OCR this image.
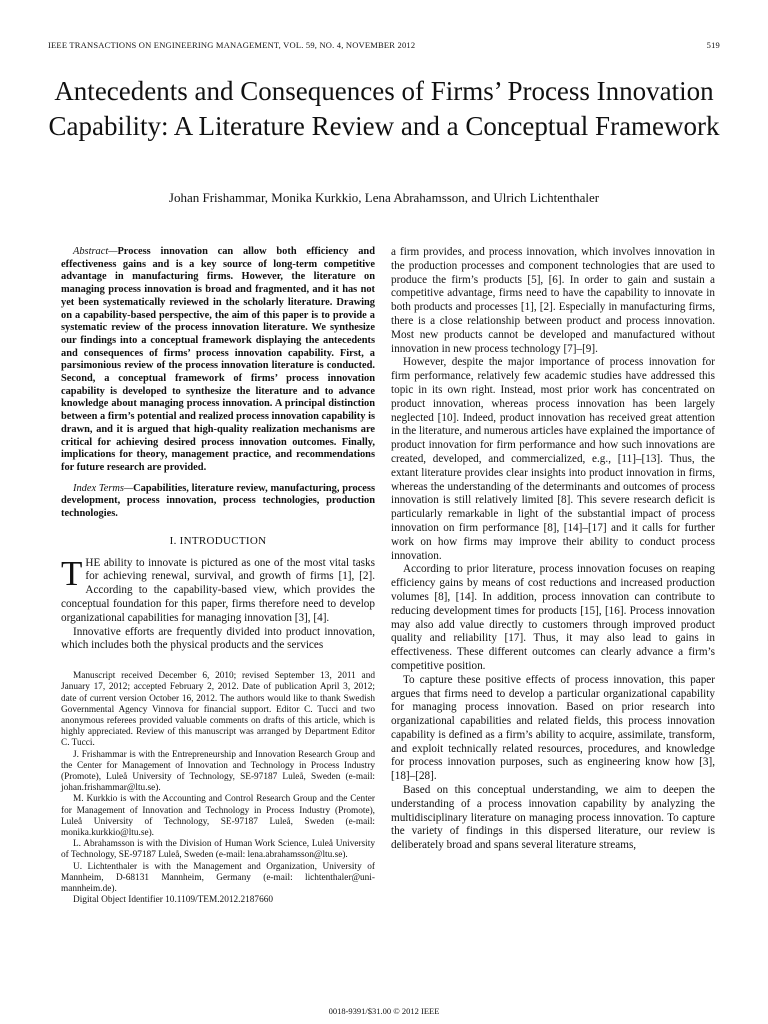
IEEE TRANSACTIONS ON ENGINEERING MANAGEMENT, VOL. 59, NO. 4, NOVEMBER 2012	519
Antecedents and Consequences of Firms’ Process Innovation Capability: A Literature Review and a Conceptual Framework
Johan Frishammar, Monika Kurkkio, Lena Abrahamsson, and Ulrich Lichtenthaler

Abstract—Process innovation can allow both efficiency and effectiveness gains and is a key source of long-term competitive advantage in manufacturing firms. However, the literature on managing process innovation is broad and fragmented, and it has not yet been systematically reviewed in the scholarly literature. Drawing on a capability-based perspective, the aim of this paper is to provide a systematic review of the process innovation literature. We synthesize our findings into a conceptual framework displaying the antecedents and consequences of firms’ process innovation capability. First, a parsimonious review of the process innovation literature is conducted. Second, a conceptual framework of firms’ process innovation capability is developed to synthesize the literature and to advance knowledge about managing process innovation. A principal distinction between a firm’s potential and realized process innovation capability is drawn, and it is argued that high-quality realization mechanisms are critical for achieving desired process innovation outcomes. Finally, implications for theory, management practice, and recommendations for future research are provided.

Index Terms—Capabilities, literature review, manufacturing, process development, process innovation, process technologies, production technologies.

I. INTRODUCTION

THE ability to innovate is pictured as one of the most vital tasks for achieving renewal, survival, and growth of firms [1], [2]. According to the capability-based view, which provides the conceptual foundation for this paper, firms therefore need to develop organizational capabilities for managing innovation [3], [4].

Innovative efforts are frequently divided into product innovation, which includes both the physical products and the services

Manuscript received December 6, 2010; revised September 13, 2011 and January 17, 2012; accepted February 2, 2012. Date of publication April 3, 2012; date of current version October 16, 2012. The authors would like to thank Swedish Governmental Agency Vinnova for financial support. Editor C. Tucci and two anonymous referees provided valuable comments on drafts of this article, which is highly appreciated. Review of this manuscript was arranged by Department Editor C. Tucci.

J. Frishammar is with the Entrepreneurship and Innovation Research Group and the Center for Management of Innovation and Technology in Process Industry (Promote), Luleå University of Technology, SE-97187 Luleå, Sweden (e-mail: johan.frishammar@ltu.se).

M. Kurkkio is with the Accounting and Control Research Group and the Center for Management of Innovation and Technology in Process Industry (Promote), Luleå University of Technology, SE-97187 Luleå, Sweden (e-mail: monika.kurkkio@ltu.se).

L. Abrahamsson is with the Division of Human Work Science, Luleå University of Technology, SE-97187 Luleå, Sweden (e-mail: lena.abrahamsson@ltu.se).

U. Lichtenthaler is with the Management and Organization, University of Mannheim, D-68131 Mannheim, Germany (e-mail: lichtenthaler@uni-mannheim.de).

Digital Object Identifier 10.1109/TEM.2012.2187660

a firm provides, and process innovation, which involves innovation in the production processes and component technologies that are used to produce the firm’s products [5], [6]. In order to gain and sustain a competitive advantage, firms need to have the capability to innovate in both products and processes [1], [2]. Especially in manufacturing firms, there is a close relationship between product and process innovation. Most new products cannot be developed and manufactured without innovation in new process technology [7]–[9].

However, despite the major importance of process innovation for firm performance, relatively few academic studies have addressed this topic in its own right. Instead, most prior work has concentrated on product innovation, whereas process innovation has been largely neglected [10]. Indeed, product innovation has received great attention in the literature, and numerous articles have explained the importance of product innovation for firm performance and how such innovations are created, developed, and commercialized, e.g., [11]–[13]. Thus, the extant literature provides clear insights into product innovation in firms, whereas the understanding of the determinants and outcomes of process innovation is still relatively limited [8]. This severe research deficit is particularly remarkable in light of the substantial impact of process innovation on firm performance [8], [14]–[17] and it calls for further work on how firms may improve their ability to conduct process innovation.

According to prior literature, process innovation focuses on reaping efficiency gains by means of cost reductions and increased production volumes [8], [14]. In addition, process innovation can contribute to reducing development times for products [15], [16]. Process innovation may also add value directly to customers through improved product quality and reliability [17]. Thus, it may also lead to gains in effectiveness. These different outcomes can clearly advance a firm’s competitive position.

To capture these positive effects of process innovation, this paper argues that firms need to develop a particular organizational capability for managing process innovation. Based on prior research into organizational capabilities and related fields, this process innovation capability is defined as a firm’s ability to acquire, assimilate, transform, and exploit technically related resources, procedures, and knowledge for process innovation purposes, such as engineering know how [3], [18]–[28].

Based on this conceptual understanding, we aim to deepen the understanding of a process innovation capability by analyzing the multidisciplinary literature on managing process innovation. To capture the variety of findings in this dispersed literature, our review is deliberately broad and spans several literature streams,

0018-9391/$31.00 © 2012 IEEE
